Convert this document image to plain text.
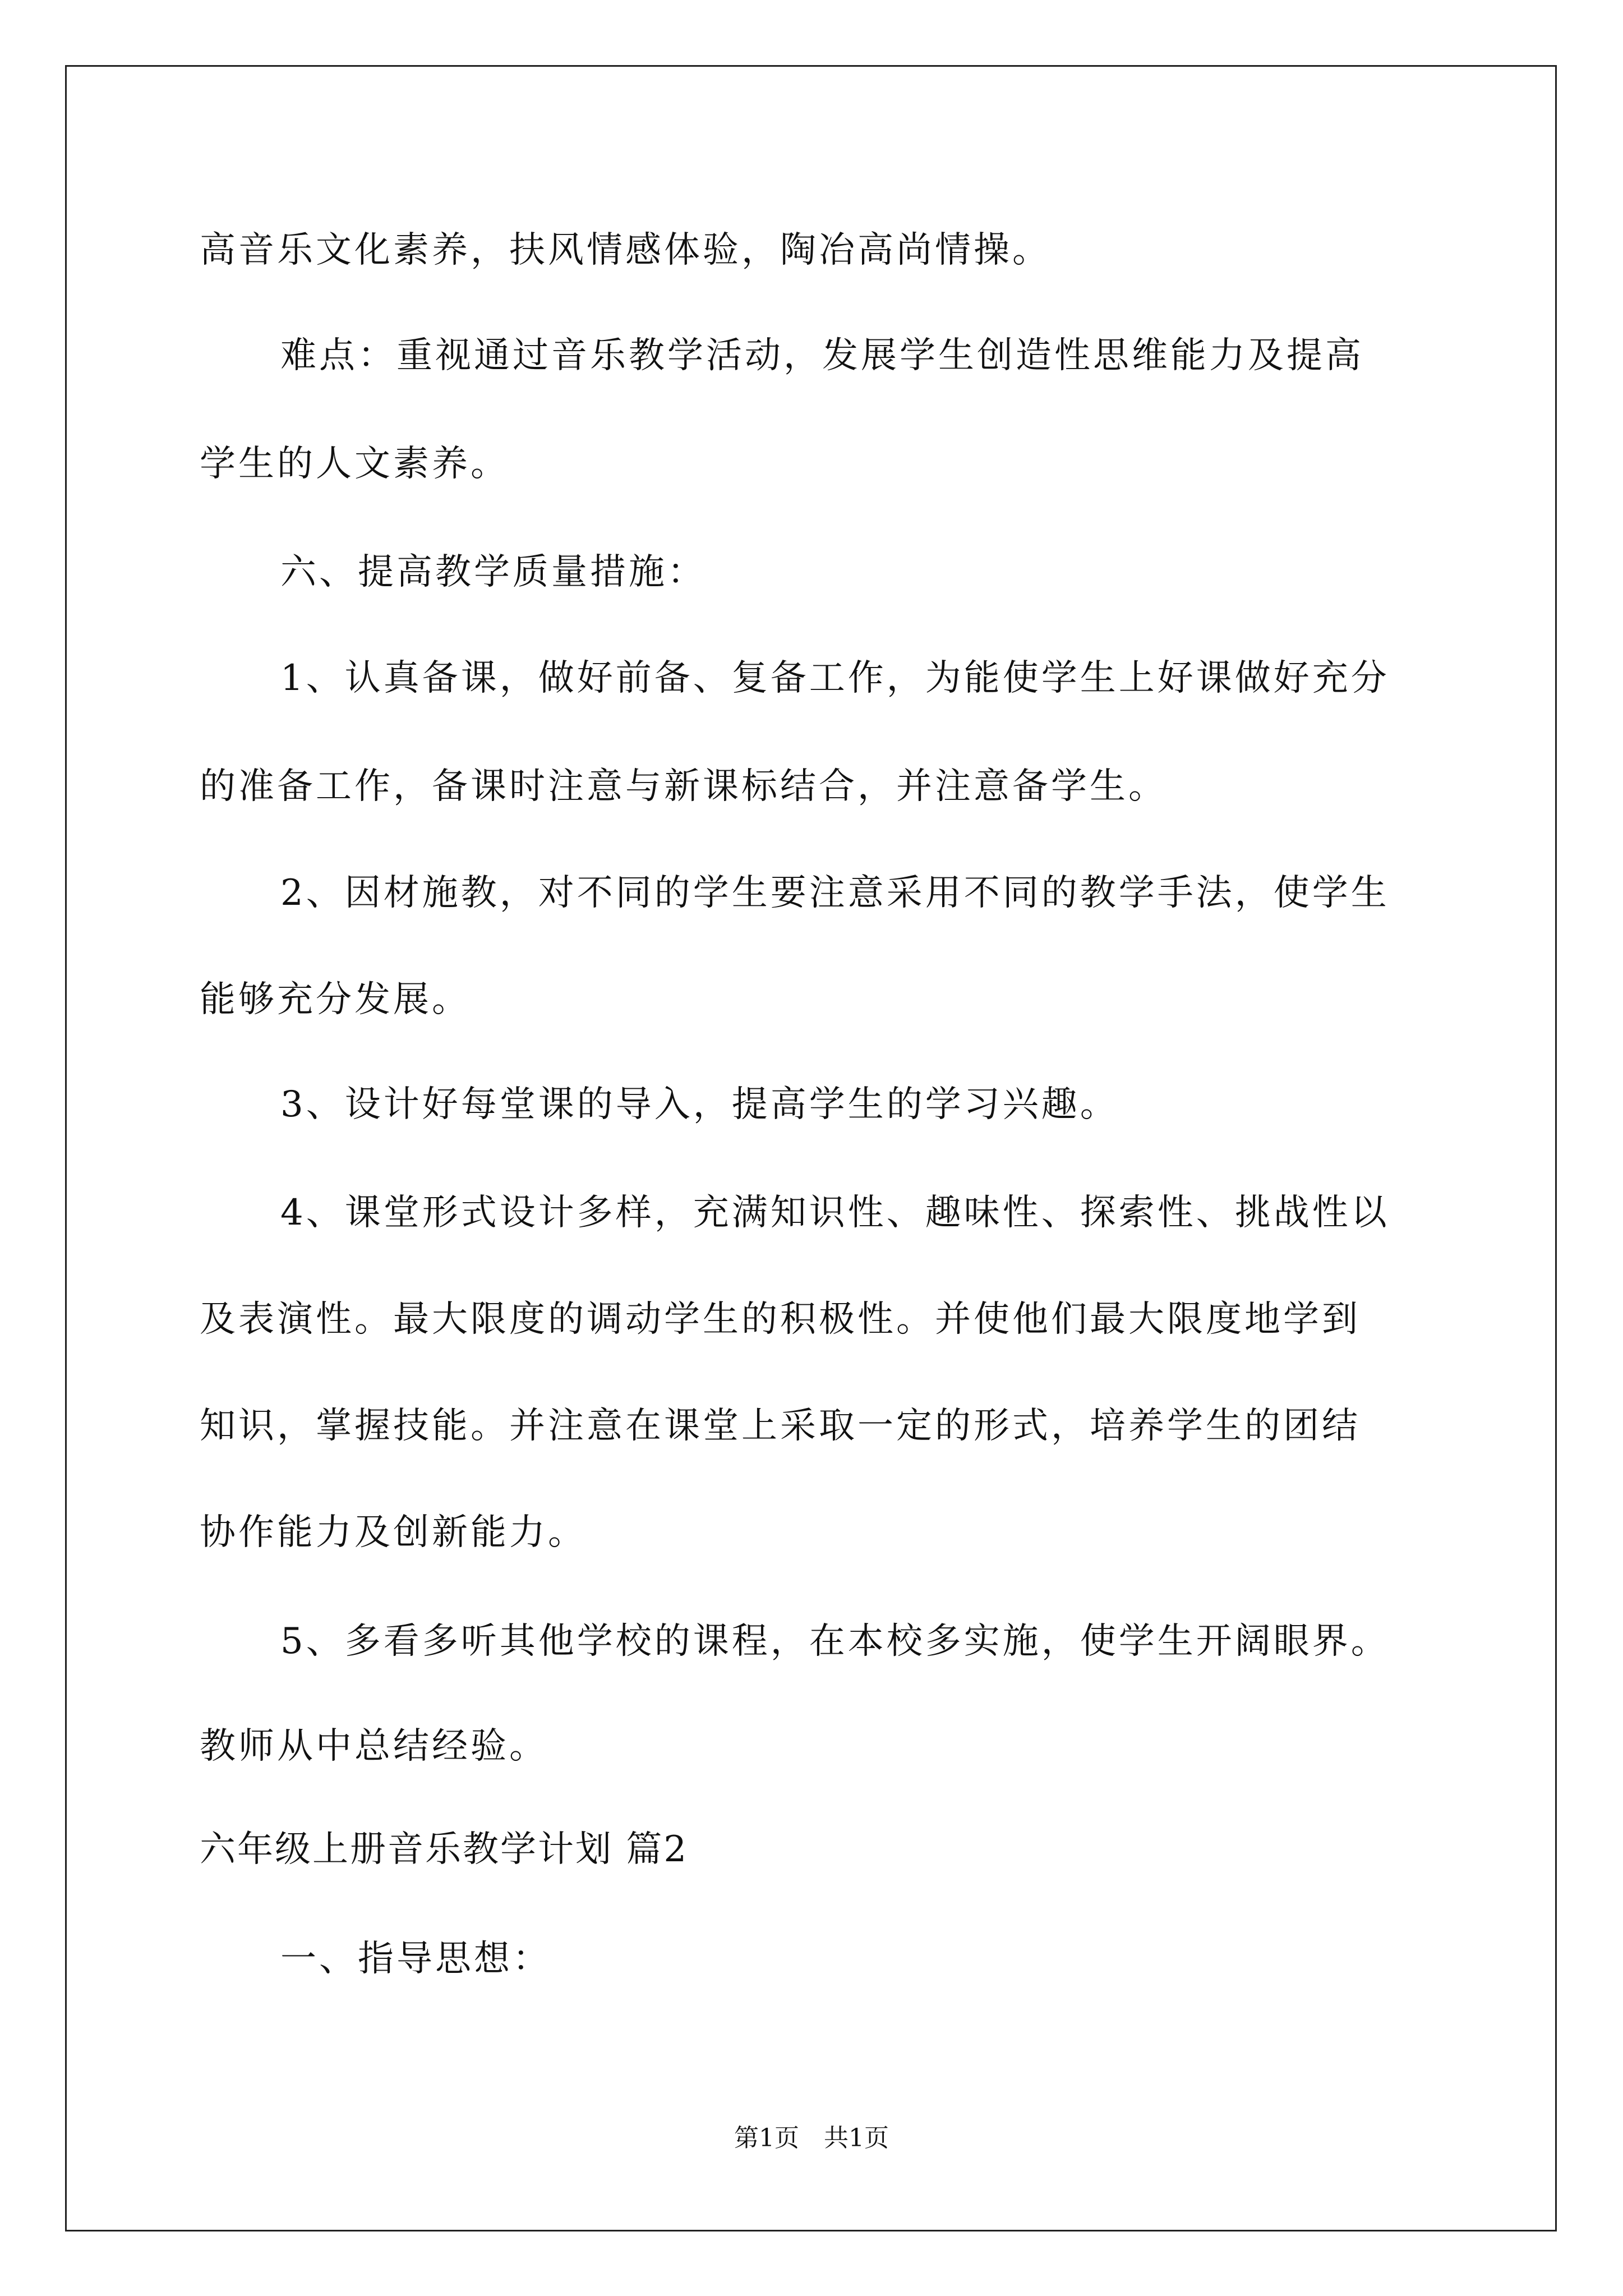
高音乐文化素养，扶风情感体验，陶冶高尚情操。
难点：重视通过音乐教学活动，发展学生创造性思维能力及提高
学生的人文素养。
六、提高教学质量措施：
1、认真备课，做好前备、复备工作，为能使学生上好课做好充分
的准备工作，备课时注意与新课标结合，并注意备学生。
2、因材施教，对不同的学生要注意采用不同的教学手法，使学生
能够充分发展。
3、设计好每堂课的导入，提高学生的学习兴趣。
4、课堂形式设计多样，充满知识性、趣味性、探索性、挑战性以
及表演性。最大限度的调动学生的积极性。并使他们最大限度地学到
知识，掌握技能。并注意在课堂上采取一定的形式，培养学生的团结
协作能力及创新能力。
5、多看多听其他学校的课程，在本校多实施，使学生开阔眼界。
教师从中总结经验。
六年级上册音乐教学计划 篇2
一、指导思想：
第1页　共1页
